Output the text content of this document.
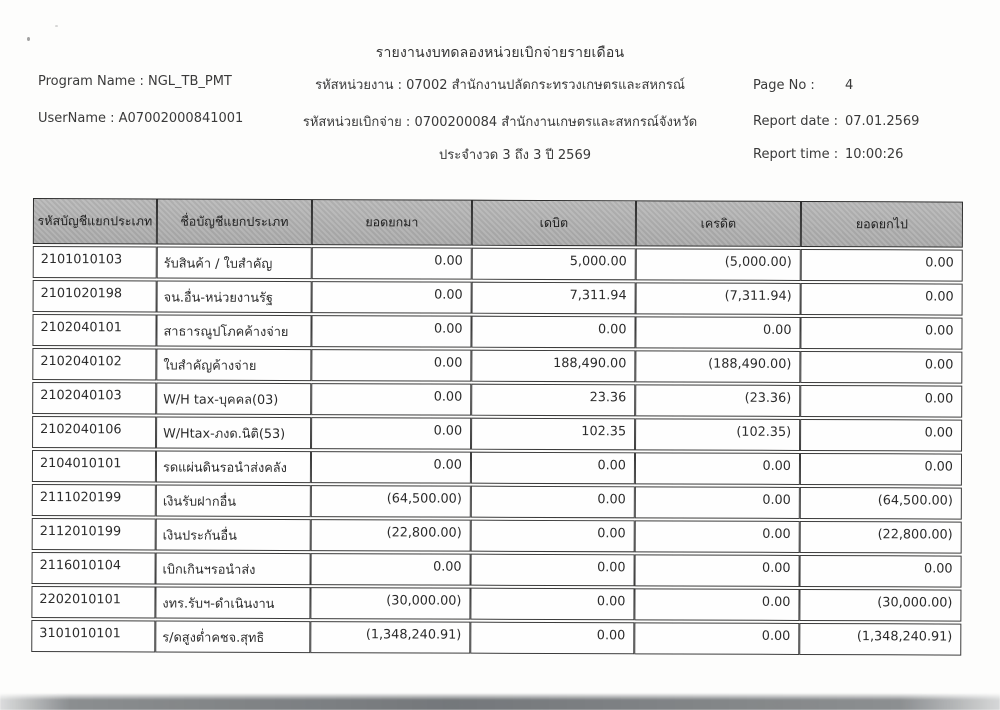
รายงานงบทดลองหน่วยเบิกจ่ายรายเดือน
Program Name : NGL_TB_PMT
UserName : A07002000841001
รหัสหน่วยงาน : 07002 สำนักงานปลัดกระทรวงเกษตรและสหกรณ์
รหัสหน่วยเบิกจ่าย : 0700200084 สำนักงานเกษตรและสหกรณ์จังหวัด
ประจำงวด 3 ถึง 3 ปี 2569
Page No : 4
Report date : 07.01.2569
Report time : 10:00:26
รหัสบัญชีแยกประเภท	ชื่อบัญชีแยกประเภท	ยอดยกมา	เดบิต	เครดิต	ยอดยกไป
2101010103	รับสินค้า / ใบสำคัญ	0.00	5,000.00	(5,000.00)	0.00
2101020198	จน.อื่น-หน่วยงานรัฐ	0.00	7,311.94	(7,311.94)	0.00
2102040101	สาธารณูปโภคค้างจ่าย	0.00	0.00	0.00	0.00
2102040102	ใบสำคัญค้างจ่าย	0.00	188,490.00	(188,490.00)	0.00
2102040103	W/H tax-บุคคล(03)	0.00	23.36	(23.36)	0.00
2102040106	W/Htax-ภงด.นิติ(53)	0.00	102.35	(102.35)	0.00
2104010101	รดแผ่นดินรอนำส่งคลัง	0.00	0.00	0.00	0.00
2111020199	เงินรับฝากอื่น	(64,500.00)	0.00	0.00	(64,500.00)
2112010199	เงินประกันอื่น	(22,800.00)	0.00	0.00	(22,800.00)
2116010104	เบิกเกินฯรอนำส่ง	0.00	0.00	0.00	0.00
2202010101	งทร.รับฯ-ดำเนินงาน	(30,000.00)	0.00	0.00	(30,000.00)
3101010101	ร/ดสูงต่ำคชจ.สุทธิ	(1,348,240.91)	0.00	0.00	(1,348,240.91)
